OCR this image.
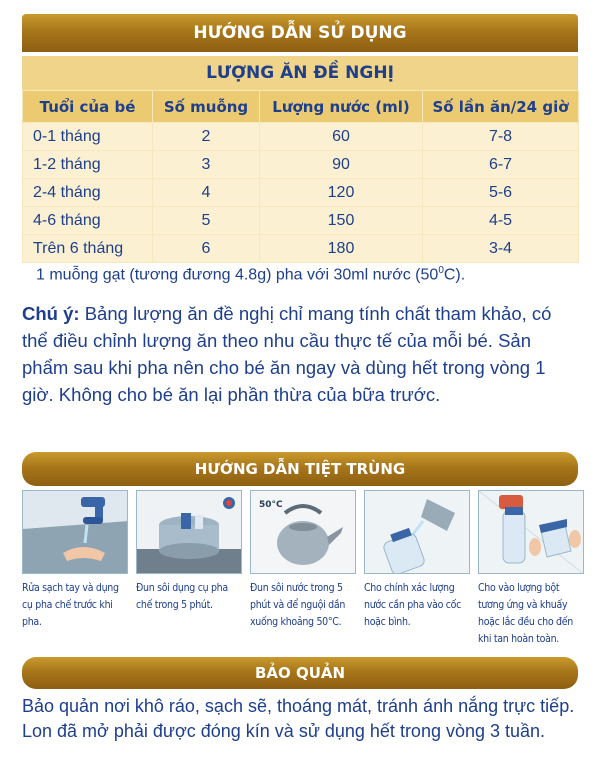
HƯỚNG DẪN SỬ DỤNG
LƯỢNG ĂN ĐỀ NGHỊ
Tuổi của bé	Số muỗng	Lượng nước (ml)	Số lần ăn/24 giờ
0-1 tháng	2	60	7-8
1-2 tháng	3	90	6-7
2-4 tháng	4	120	5-6
4-6 tháng	5	150	4-5
Trên 6 tháng	6	180	3-4
1 muỗng gạt (tương đương 4.8g) pha với 30ml nước $(50^0C)$.
Chú ý: Bảng lượng ăn đề nghị chỉ mang tính chất tham khảo, có thể điều chỉnh lượng ăn theo nhu cầu thực tế của mỗi bé. Sản phẩm sau khi pha nên cho bé ăn ngay và dùng hết trong vòng 1 giờ. Không cho bé ăn lại phần thừa của bữa trước.
HƯỚNG DẪN TIỆT TRÙNG
Rửa sạch tay và dụng cụ pha chế trước khi pha.
Đun sôi dụng cụ pha chế trong 5 phút.
50°C
Đun sôi nước trong 5 phút và để nguội dần xuống khoảng 50°C.
Cho chính xác lượng nước cần pha vào cốc hoặc bình.
Cho vào lượng bột tương ứng và khuấy hoặc lắc đều cho đến khi tan hoàn toàn.
BẢO QUẢN
Bảo quản nơi khô ráo, sạch sẽ, thoáng mát, tránh ánh nắng trực tiếp. Lon đã mở phải được đóng kín và sử dụng hết trong vòng 3 tuần.
